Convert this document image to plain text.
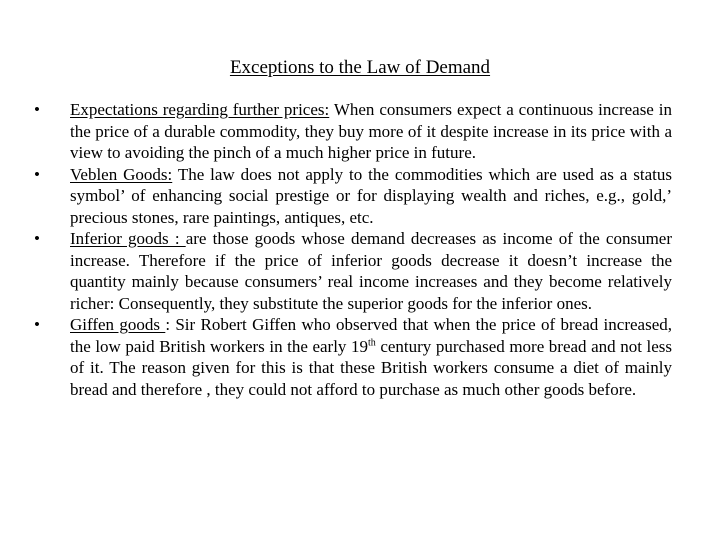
Exceptions to the Law of Demand
• Expectations regarding further prices: When consumers expect a continuous increase in the price of a durable commodity, they buy more of it despite increase in its price with a view to avoiding the pinch of a much higher price in future.
• Veblen Goods: The law does not apply to the commodities which are used as a status symbol’ of enhancing social prestige or for displaying wealth and riches, e.g., gold,’ precious stones, rare paintings, antiques, etc.
• Inferior goods : are those goods whose demand decreases as income of the consumer increase. Therefore if the price of inferior goods decrease it doesn’t increase the quantity mainly because consumers’ real income increases and they become relatively richer: Consequently, they substitute the superior goods for the inferior ones.
• Giffen goods : Sir Robert Giffen who observed that when the price of bread increased, the low paid British workers in the early 19th century purchased more bread and not less of it. The reason given for this is that these British workers consume a diet of mainly bread and therefore , they could not afford to purchase as much other goods before.
